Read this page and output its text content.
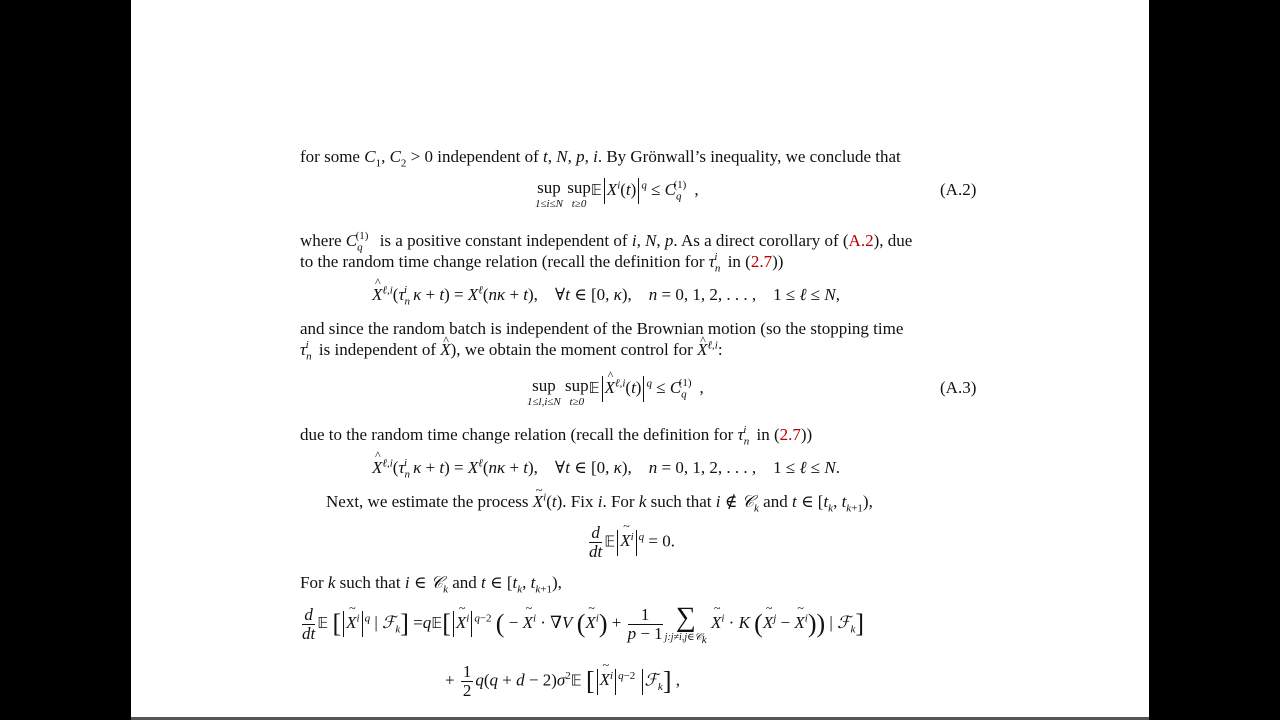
for some $C_1$, $C_2 > 0$ independent of t, N, p, i. By Grönwall’s inequality, we conclude that
sup
1≤i≤N

sup
t≥0
𝔼 $X^i(t) ^q \le C_q^{(1)}$ ,	(A.2)
where $C_q^{(1)}$ is a positive constant independent of i, N, p. As a direct corollary of (A.2), due
to the random time change relation (recall the definition for $\tau_n^i$ in (2.7))
^ $X^{\ell,i}(\tau_n^i$ $\kappa + t) = X^\ell(n\kappa + t)$,    ∀t ∈ [0, κ),    n = 0, 1, 2, . . . ,    1 ≤ ℓ ≤ N,
and since the random batch is independent of the Brownian motion (so the stopping time
$\tau_n^i$ is independent of ^ X), we obtain the moment control for ^ $X^{\ell,i}$:
sup
1≤l,i≤N

sup
t≥0
𝔼 ^ $X^{\ell,i}(t) ^q \le C_q^{(1)}$ ,	(A.3)
due to the random time change relation (recall the definition for $\tau_n^i$ in (2.7))
^ $X^{\ell,i}(\tau_n^i$ $\kappa + t) = X^\ell(n\kappa + t)$,    ∀t ∈ [0, κ),    n = 0, 1, 2, . . . ,    1 ≤ ℓ ≤ N.
Next, we estimate the process ~ $X^i(t)$. Fix i. For k such that i ∉ 𝒞$_k$ and t ∈ [$t_k$, $t_{k+1}$),
$\frac{d}{dt}$ 𝔼 ~ $X^i$ $^q$ = 0.
For k such that i ∈ 𝒞$_k$ and t ∈ [$t_k$, $t_{k+1}$),
$\frac{d}{dt}$ 𝔼 [ ~ $X^i$ $^q$ | ℱ$_k$] =q𝔼[ ~ $X^i$ $^{q-2}$ ( − ~ $X^i \cdot \nabla V$ (~ $X^i) + \frac{1}{p - 1}$ ∑
j:j≠i,j∈𝒞$_k$
~ $X^i \cdot K$ (~ $X^j$ − ~ $X^i$)) | ℱ$_k$]
+ $\frac{1}{2} q(q + d$ − $2)\sigma^2𝔼$ [ ~ $X^i$ $^{q-2}$ ℱ$_k$] ,
